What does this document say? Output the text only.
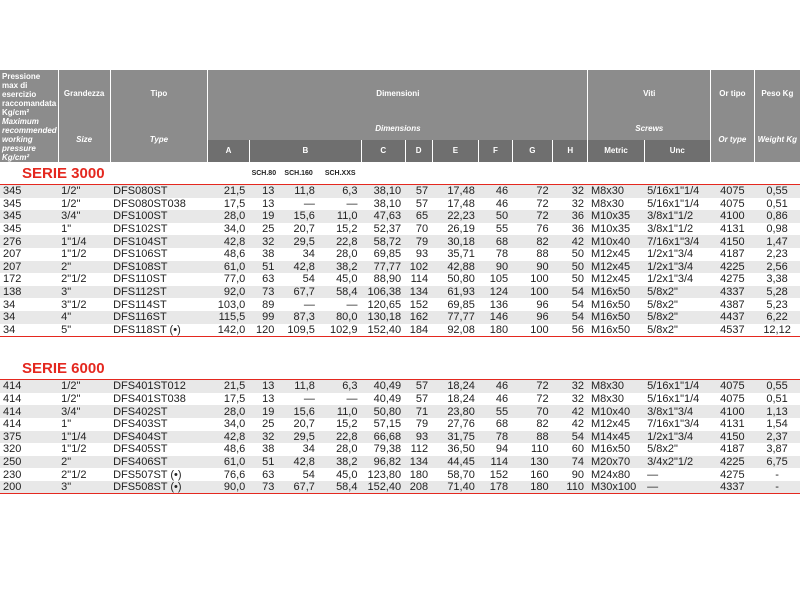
Pressione max di esercizio raccomandata Kg/cm²	Grandezza	Tipo	Dimensioni										Viti		Or tipo	Peso Kg
Maximum recommended working pressure Kg/cm²	Size	Type	Dimensions										Screws		Or type	Weight Kg
			A	B			C	D	E	F	G	H	Metric	Unc		
SERIE 3000				SCH.80	SCH.160	SCH.XXS										
345	1/2"	DFS080ST	21,5	13	11,8	6,3	38,10	57	17,48	46	72	32	M8x30	5/16x1"1/4	4075	0,55
345	1/2"	DFS080ST038	17,5	13	—	—	38,10	57	17,48	46	72	32	M8x30	5/16x1"1/4	4075	0,51
345	3/4"	DFS100ST	28,0	19	15,6	11,0	47,63	65	22,23	50	72	36	M10x35	3/8x1"1/2	4100	0,86
345	1"	DFS102ST	34,0	25	20,7	15,2	52,37	70	26,19	55	76	36	M10x35	3/8x1"1/2	4131	0,98
276	1"1/4	DFS104ST	42,8	32	29,5	22,8	58,72	79	30,18	68	82	42	M10x40	7/16x1"3/4	4150	1,47
207	1"1/2	DFS106ST	48,6	38	34	28,0	69,85	93	35,71	78	88	50	M12x45	1/2x1"3/4	4187	2,23
207	2"	DFS108ST	61,0	51	42,8	38,2	77,77	102	42,88	90	90	50	M12x45	1/2x1"3/4	4225	2,56
172	2"1/2	DFS110ST	77,0	63	54	45,0	88,90	114	50,80	105	100	50	M12x45	1/2x1"3/4	4275	3,38
138	3"	DFS112ST	92,0	73	67,7	58,4	106,38	134	61,93	124	100	54	M16x50	5/8x2"	4337	5,28
34	3"1/2	DFS114ST	103,0	89	—	—	120,65	152	69,85	136	96	54	M16x50	5/8x2"	4387	5,23
34	4"	DFS116ST	115,5	99	87,3	80,0	130,18	162	77,77	146	96	54	M16x50	5/8x2"	4437	6,22
34	5"	DFS118ST (•)	142,0	120	109,5	102,9	152,40	184	92,08	180	100	56	M16x50	5/8x2"	4537	12,12

SERIE 6000																
414	1/2"	DFS401ST012	21,5	13	11,8	6,3	40,49	57	18,24	46	72	32	M8x30	5/16x1"1/4	4075	0,55
414	1/2"	DFS401ST038	17,5	13	—	—	40,49	57	18,24	46	72	32	M8x30	5/16x1"1/4	4075	0,51
414	3/4"	DFS402ST	28,0	19	15,6	11,0	50,80	71	23,80	55	70	42	M10x40	3/8x1"3/4	4100	1,13
414	1"	DFS403ST	34,0	25	20,7	15,2	57,15	79	27,76	68	82	42	M12x45	7/16x1"3/4	4131	1,54
375	1"1/4	DFS404ST	42,8	32	29,5	22,8	66,68	93	31,75	78	88	54	M14x45	1/2x1"3/4	4150	2,37
320	1"1/2	DFS405ST	48,6	38	34	28,0	79,38	112	36,50	94	110	60	M16x50	5/8x2"	4187	3,87
250	2"	DFS406ST	61,0	51	42,8	38,2	96,82	134	44,45	114	130	74	M20x70	3/4x2"1/2	4225	6,75
230	2"1/2	DFS507ST (•)	76,6	63	54	45,0	123,80	180	58,70	152	160	90	M24x80	—	4275	-
200	3"	DFS508ST (•)	90,0	73	67,7	58,4	152,40	208	71,40	178	180	110	M30x100	—	4337	-
